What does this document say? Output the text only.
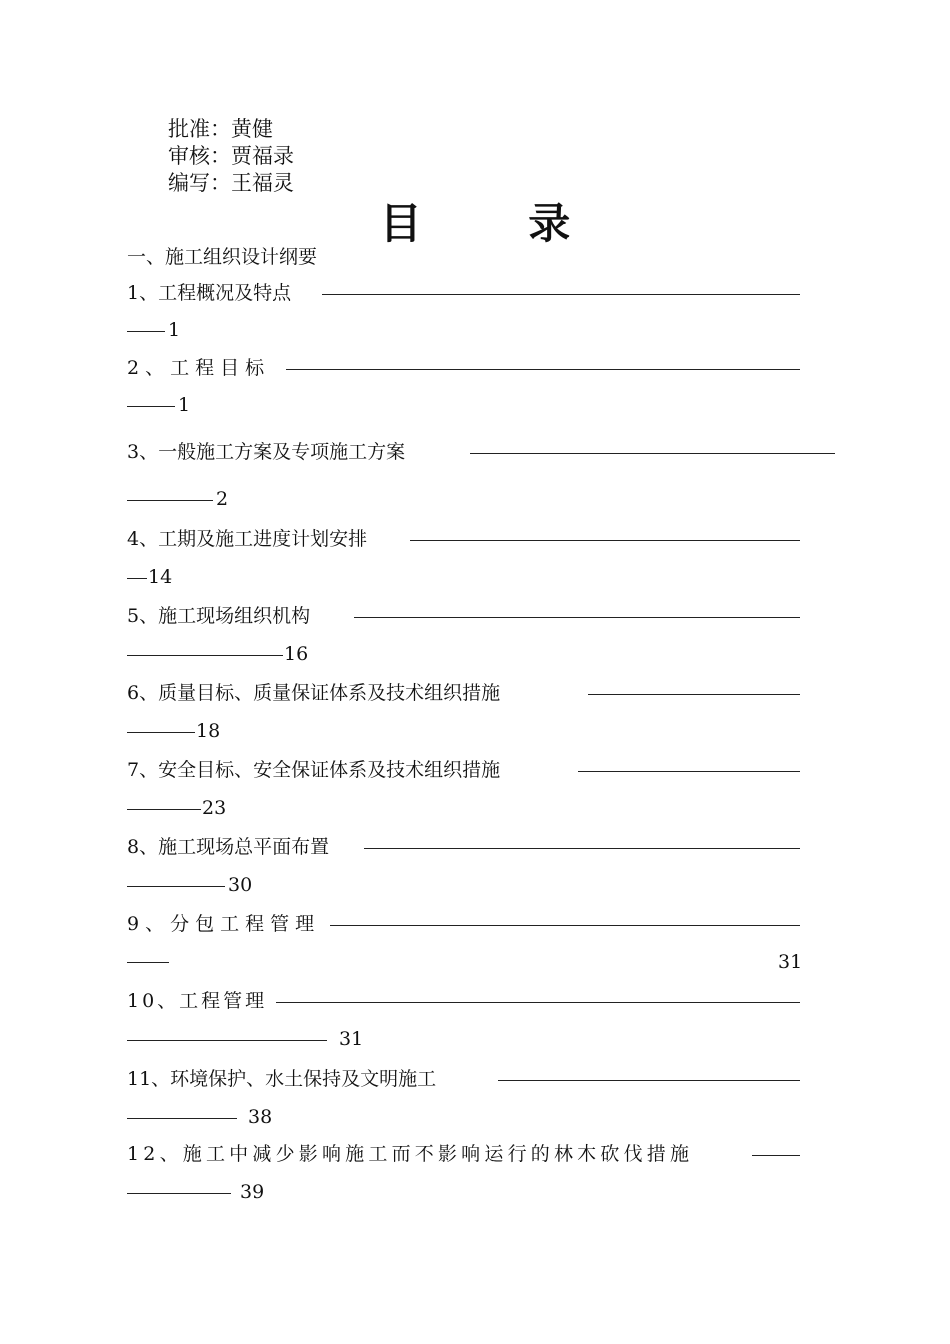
批准：黄健
审核：贾福录
编写：王福灵
目 录
一、施工组织设计纲要
1、工程概况及特点
1
2、工程目标
1
3、一般施工方案及专项施工方案
2
4、工期及施工进度计划安排
14
5、施工现场组织机构
16
6、质量目标、质量保证体系及技术组织措施
18
7、安全目标、安全保证体系及技术组织措施
23
8、施工现场总平面布置
30
9、分包工程管理
31
10、工程管理
31
11、环境保护、水土保持及文明施工
38
12、施工中减少影响施工而不影响运行的林木砍伐措施
39
